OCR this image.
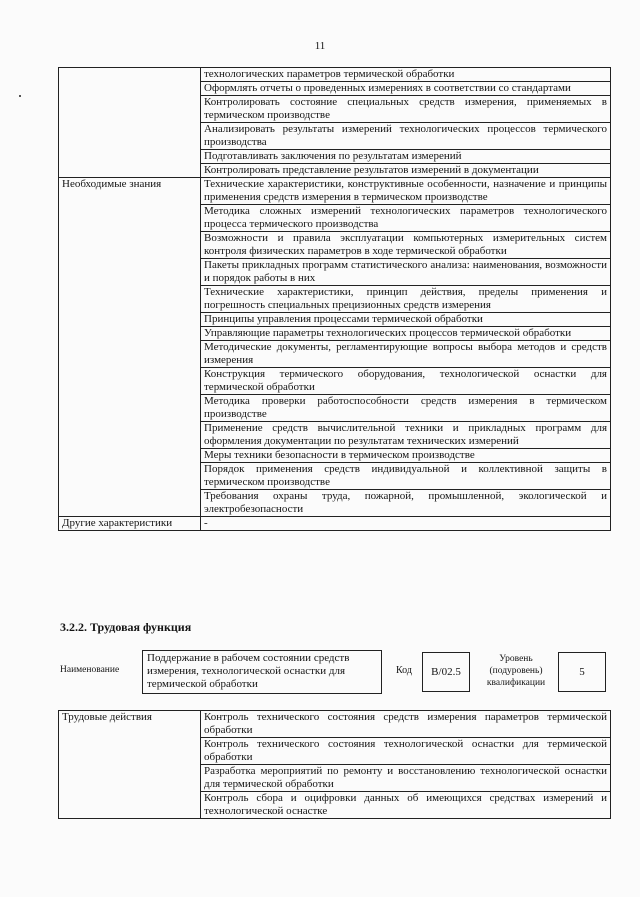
11
	технологических параметров термической обработки
	Оформлять отчеты о проведенных измерениях в соответствии со стандартами
	Контролировать состояние специальных средств измерения, применяемых в термическом производстве
	Анализировать результаты измерений технологических процессов термического производства
	Подготавливать заключения по результатам измерений
	Контролировать представление результатов измерений в документации
Необходимые знания	Технические характеристики, конструктивные особенности, назначение и принципы применения средств измерения в термическом производстве
	Методика сложных измерений технологических параметров технологического процесса термического производства
	Возможности и правила эксплуатации компьютерных измерительных систем контроля физических параметров в ходе термической обработки
	Пакеты прикладных программ статистического анализа: наименования, возможности и порядок работы в них
	Технические характеристики, принцип действия, пределы применения и погрешность специальных прецизионных средств измерения
	Принципы управления процессами термической обработки
	Управляющие параметры технологических процессов термической обработки
	Методические документы, регламентирующие вопросы выбора методов и средств измерения
	Конструкция термического оборудования, технологической оснастки для термической обработки
	Методика проверки работоспособности средств измерения в термическом производстве
	Применение средств вычислительной техники и прикладных программ для оформления документации по результатам технических измерений
	Меры техники безопасности в термическом производстве
	Порядок применения средств индивидуальной и коллективной защиты в термическом производстве
	Требования охраны труда, пожарной, промышленной, экологической и электробезопасности
Другие характеристики	-
3.2.2. Трудовая функция
Наименование
Поддержание в рабочем состоянии средств измерения, технологической оснастки для термической обработки
Код	B/02.5
Уровень (подуровень) квалификации
5
Трудовые действия	Контроль технического состояния средств измерения параметров термической обработки
Контроль технического состояния технологической оснастки для термической обработки
Разработка мероприятий по ремонту и восстановлению технологической оснастки для термической обработки
Контроль сбора и оцифровки данных об имеющихся средствах измерений и технологической оснастке
